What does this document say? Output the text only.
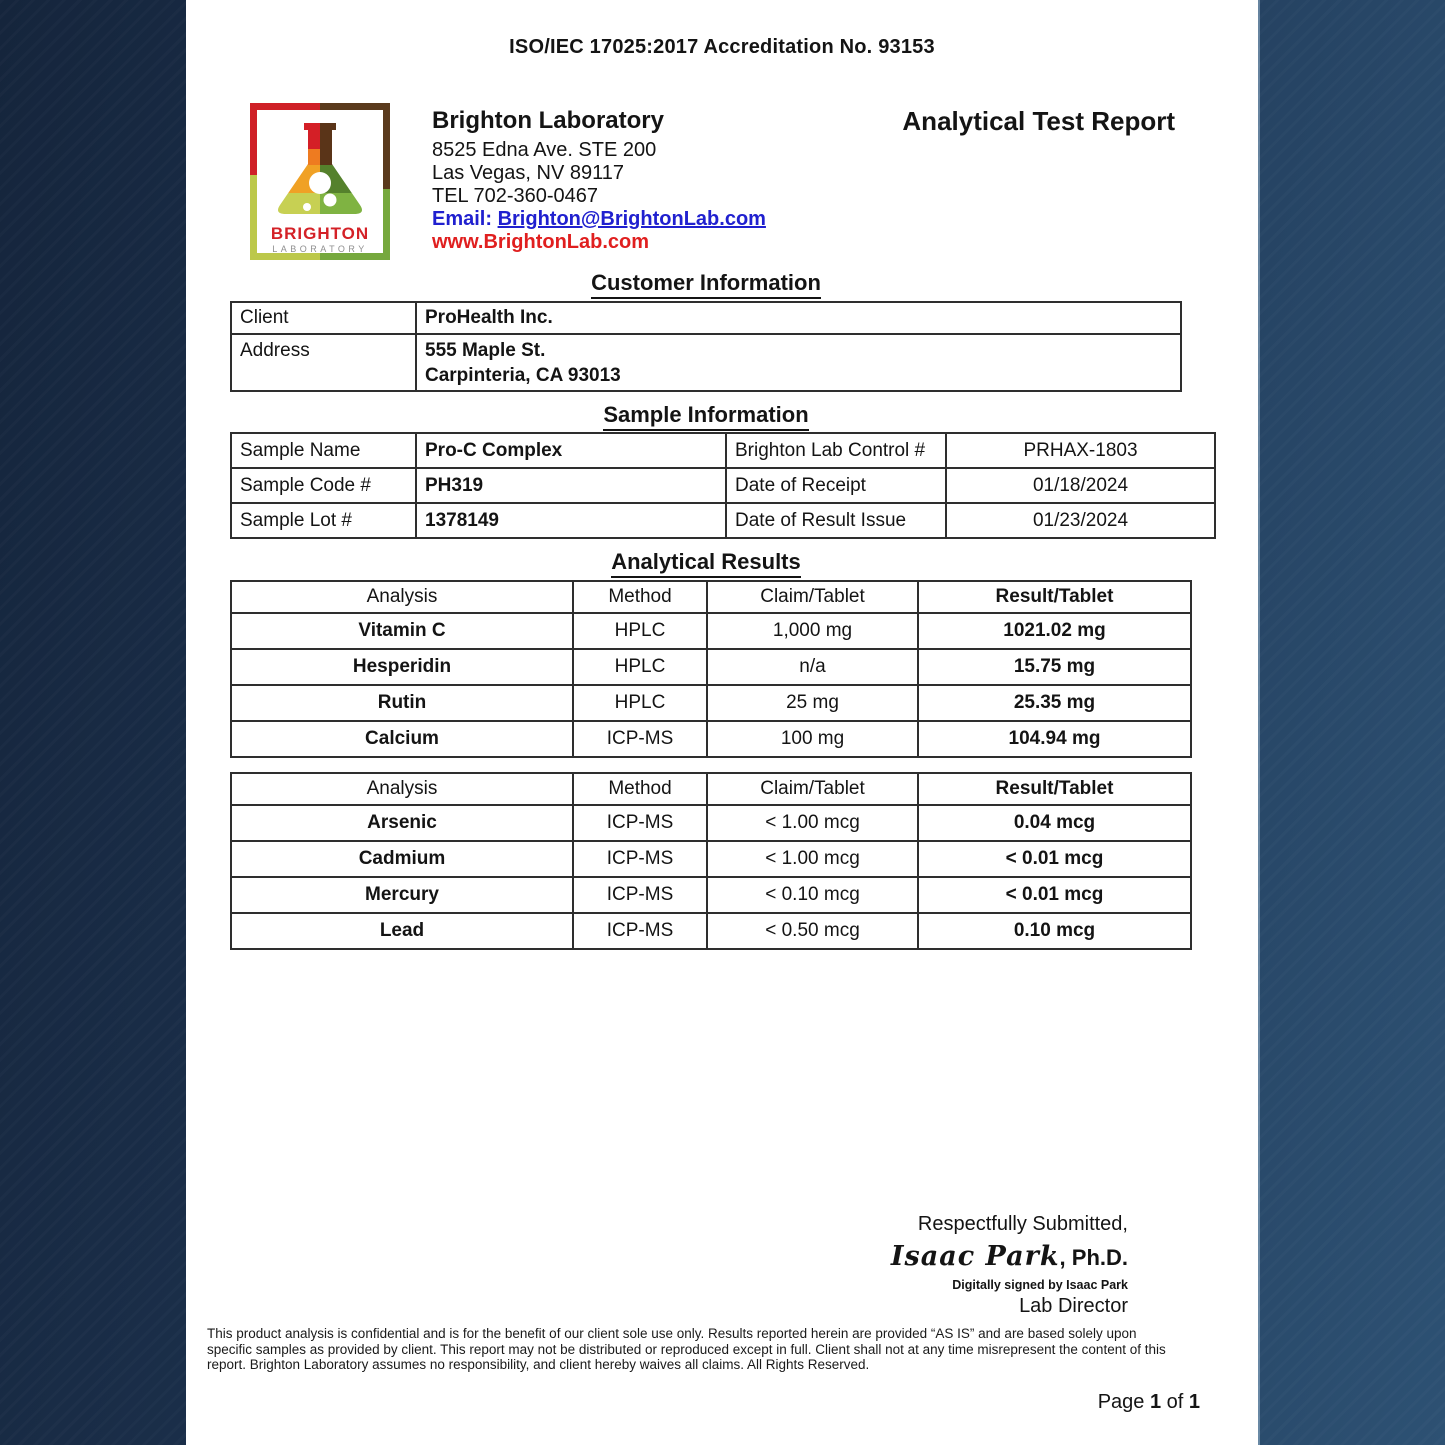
ISO/IEC 17025:2017 Accreditation No. 93153
BRIGHTON
LABORATORY
Brighton Laboratory
8525 Edna Ave. STE 200
Las Vegas, NV 89117
TEL 702-360-0467
Email: Brighton@BrightonLab.com
www.BrightonLab.com
Analytical Test Report
Customer Information
Client	ProHealth Inc.
Address	555 Maple St.
Carpinteria, CA 93013
Sample Information
Sample Name	Pro-C Complex	Brighton Lab Control #	PRHAX-1803
Sample Code #	PH319	Date of Receipt	01/18/2024
Sample Lot #	1378149	Date of Result Issue	01/23/2024
Analytical Results
Analysis	Method	Claim/Tablet	Result/Tablet
Vitamin C	HPLC	1,000 mg	1021.02 mg
Hesperidin	HPLC	n/a	15.75 mg
Rutin	HPLC	25 mg	25.35 mg
Calcium	ICP-MS	100 mg	104.94 mg
Analysis	Method	Claim/Tablet	Result/Tablet
Arsenic	ICP-MS	< 1.00 mcg	0.04 mcg
Cadmium	ICP-MS	< 1.00 mcg	< 0.01 mcg
Mercury	ICP-MS	< 0.10 mcg	< 0.01 mcg
Lead	ICP-MS	< 0.50 mcg	0.10 mcg
Respectfully Submitted,
Isaac Park, Ph.D.
Digitally signed by Isaac Park
Lab Director
This product analysis is confidential and is for the benefit of our client sole use only. Results reported herein are provided “AS IS” and are based solely upon specific samples as provided by client. This report may not be distributed or reproduced except in full. Client shall not at any time misrepresent the content of this report. Brighton Laboratory assumes no responsibility, and client hereby waives all claims. All Rights Reserved.
Page 1 of 1
